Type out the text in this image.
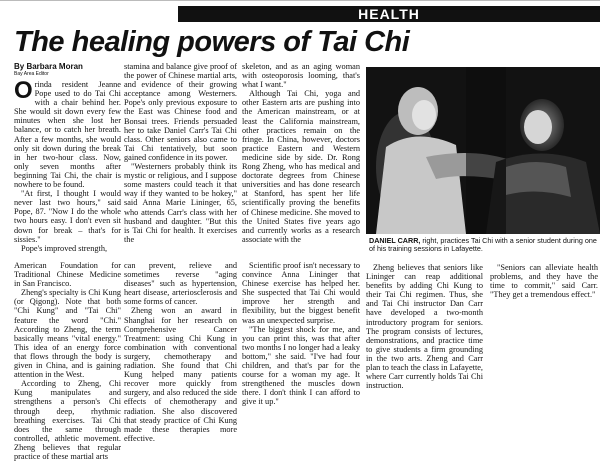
HEALTH
The healing powers of Tai Chi
By Barbara Moran
Bay Area Editor

Orinda resident Jeanne Pope used to do Tai Chi with a chair behind her. She would sit down every few minutes when she lost her balance, or to catch her breath. After a few months, she would only sit down during the break in her two-hour class. Now, only seven months after beginning Tai Chi, the chair is nowhere to be found.

"At first, I thought I would never last two hours," said Pope, 87. "Now I do the whole two hours easy. I don't even sit down for break – that's for sissies."

Pope's improved strength,

stamina and balance give proof of the power of Chinese martial arts, and evidence of their growing acceptance among Westerners. Pope's only previous exposure to the East was Chinese food and Bonsai trees. Friends persuaded her to take Daniel Carr's Tai Chi class. Other seniors also came to Tai Chi tentatively, but soon gained confidence in its power.

"Westerners probably think its mystic or religious, and I suppose some masters could teach it that way if they wanted to be hokey," said Anna Marie Lininger, 65, who attends Carr's class with her husband and daughter. "But this is Tai Chi for health. It exercises the

skeleton, and as an aging woman with osteoporosis looming, that's what I want."

Although Tai Chi, yoga and other Eastern arts are pushing into the American mainstream, or at least the California mainstream, other practices remain on the fringe. In China, however, doctors practice Eastern and Western medicine side by side. Dr. Rong Rong Zheng, who has medical and doctorate degrees from Chinese universities and has done research at Stanford, has spent her life scientifically proving the benefits of Chinese medicine. She moved to the United States five years ago and currently works as a research associate with the	DANIEL CARR, right, practices Tai Chi with a senior student during one of his training sessions in Lafayette.

American Foundation for Traditional Chinese Medicine in San Francisco.

Zheng's specialty is Chi Kung (or Qigong). Note that both "Chi Kung" and "Tai Chi" feature the word "Chi." According to Zheng, the term basically means "vital energy." This idea of an energy force that flows through the body is given in China, and is gaining attention in the West.

According to Zheng, Chi Kung manipulates and strengthens a person's Chi through deep, rhythmic breathing exercises. Tai Chi does the same through controlled, athletic movement. Zheng believes that regular practice of these martial arts

can prevent, relieve and sometimes reverse "aging diseases" such as hypertension, heart disease, arteriosclerosis and some forms of cancer.

Zheng won an award in Shanghai for her research on Comprehensive Cancer Treatment: using Chi Kung in combination with conventional surgery, chemotherapy and radiation. She found that Chi Kung helped many patients recover more quickly from surgery, and also reduced the side effects of chemotherapy and radiation. She also discovered that steady practice of Chi Kung made these therapies more effective.

Scientific proof isn't necessary to convince Anna Lininger that Chinese exercise has helped her. She suspected that Tai Chi would improve her strength and flexibility, but the biggest benefit was an unexpected surprise.

"The biggest shock for me, and you can print this, was that after two months I no longer had a leaky bottom," she said. "I've had four children, and that's par for the course for a woman my age. It strengthened the muscles down there. I don't think I can afford to give it up."

Zheng believes that seniors like Lininger can reap additional benefits by adding Chi Kung to their Tai Chi regimen. Thus, she and Tai Chi instructor Dan Carr have developed a two-month introductory program for seniors. The program consists of lectures, demonstrations, and practice time to give students a firm grounding in the two arts. Zheng and Carr plan to teach the class in Lafayette, where Carr currently holds Tai Chi instruction.

"Seniors can alleviate health problems, and they have the time to commit," said Carr. "They get a tremendous effect."
